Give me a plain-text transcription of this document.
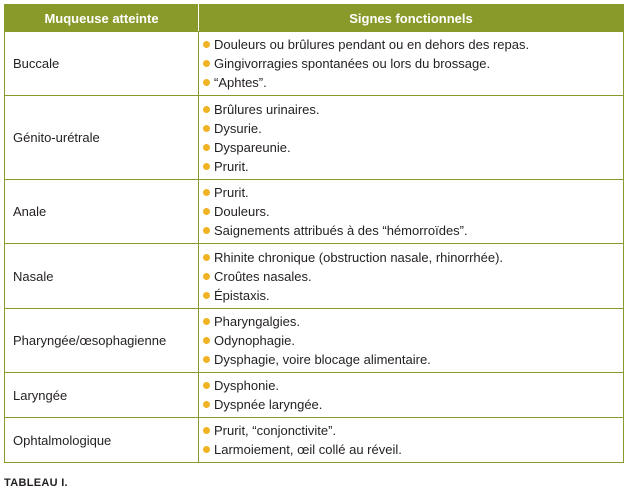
Muqueuse atteinte	Signes fonctionnels
Buccale	Douleurs ou brûlures pendant ou en dehors des repas.
Gingivorragies spontanées ou lors du brossage.
“Aphtes”.

Génito-urétrale	Brûlures urinaires.
Dysurie.
Dyspareunie.
Prurit.

Anale	Prurit.
Douleurs.
Saignements attribués à des “hémorroïdes”.

Nasale	Rhinite chronique (obstruction nasale, rhinorrhée).
Croûtes nasales.
Épistaxis.

Pharyngée/œsophagienne	Pharyngalgies.
Odynophagie.
Dysphagie, voire blocage alimentaire.

Laryngée	Dysphonie.
Dyspnée laryngée.

Ophtalmologique	Prurit, “conjonctivite”.
Larmoiement, œil collé au réveil.
TABLEAU I.
